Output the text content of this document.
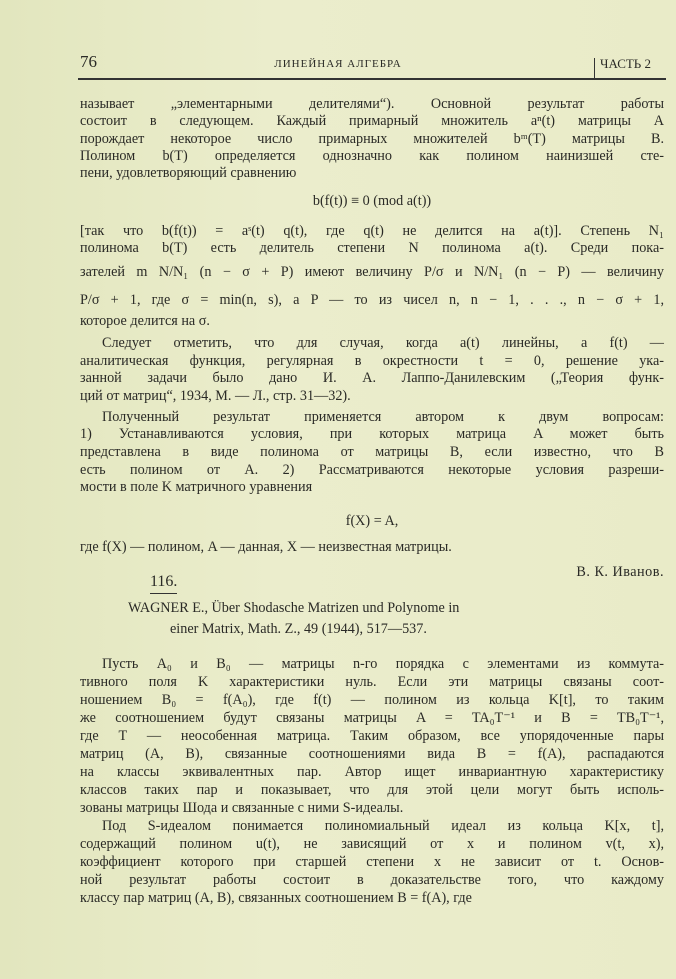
76	ЛИНЕЙНАЯ АЛГЕБРА	ЧАСТЬ 2
b(f(t)) ≡ 0 (mod a(t))
f(X) = A,
где f(X) — полином, A — данная, X — неизвестная матрицы.
В. К. Иванов.
116.
WAGNER E., Über Shodasche Matrizen und Polynome in
einer Matrix, Math. Z., 49 (1944), 517—537.
называет „элементарными делителями“). Основной результат работы
состоит в следующем. Каждый примарный множитель aⁿ(t) матрицы A
порождает некоторое число примарных множителей bᵐ(T) матрицы B.
Полином b(T) определяется однозначно как полином наинизшей сте-
пени, удовлетворяющий сравнению
[так что b(f(t)) = aˢ(t) q(t), где q(t) не делится на a(t)]. Степень N₁
полинома b(T) есть делитель степени N полинома a(t). Среди пока-
зателей m N/N₁ (n − σ + P) имеют величину P/σ и N/N₁ (n − P) — величину
P/σ + 1, где σ = min(n, s), а P — то из чисел n, n − 1, . . ., n − σ + 1,
которое делится на σ.
Следует отметить, что для случая, когда a(t) линейны, а f(t) —
аналитическая функция, регулярная в окрестности t = 0, решение ука-
занной задачи было дано И. А. Лаппо-Данилевским („Теория функ-
ций от матриц“, 1934, М. — Л., стр. 31—32).
Полученный результат применяется автором к двум вопросам:
1) Устанавливаются условия, при которых матрица A может быть
представлена в виде полинома от матрицы B, если известно, что B
есть полином от A. 2) Рассматриваются некоторые условия разреши-
мости в поле K матричного уравнения
Пусть A₀ и B₀ — матрицы n-го порядка с элементами из коммута-
тивного поля K характеристики нуль. Если эти матрицы связаны соот-
ношением B₀ = f(A₀), где f(t) — полином из кольца K[t], то таким
же соотношением будут связаны матрицы A = TA₀T⁻¹ и B = TB₀T⁻¹,
где T — неособенная матрица. Таким образом, все упорядоченные пары
матриц (A, B), связанные соотношениями вида B = f(A), распадаются
на классы эквивалентных пар. Автор ищет инвариантную характеристику
классов таких пар и показывает, что для этой цели могут быть исполь-
зованы матрицы Шода и связанные с ними S-идеалы.
Под S-идеалом понимается полиномиальный идеал из кольца K[x, t],
содержащий полином u(t), не зависящий от x и полином v(t, x),
коэффициент которого при старшей степени x не зависит от t. Основ-
ной результат работы состоит в доказательстве того, что каждому
классу пар матриц (A, B), связанных соотношением B = f(A), где
